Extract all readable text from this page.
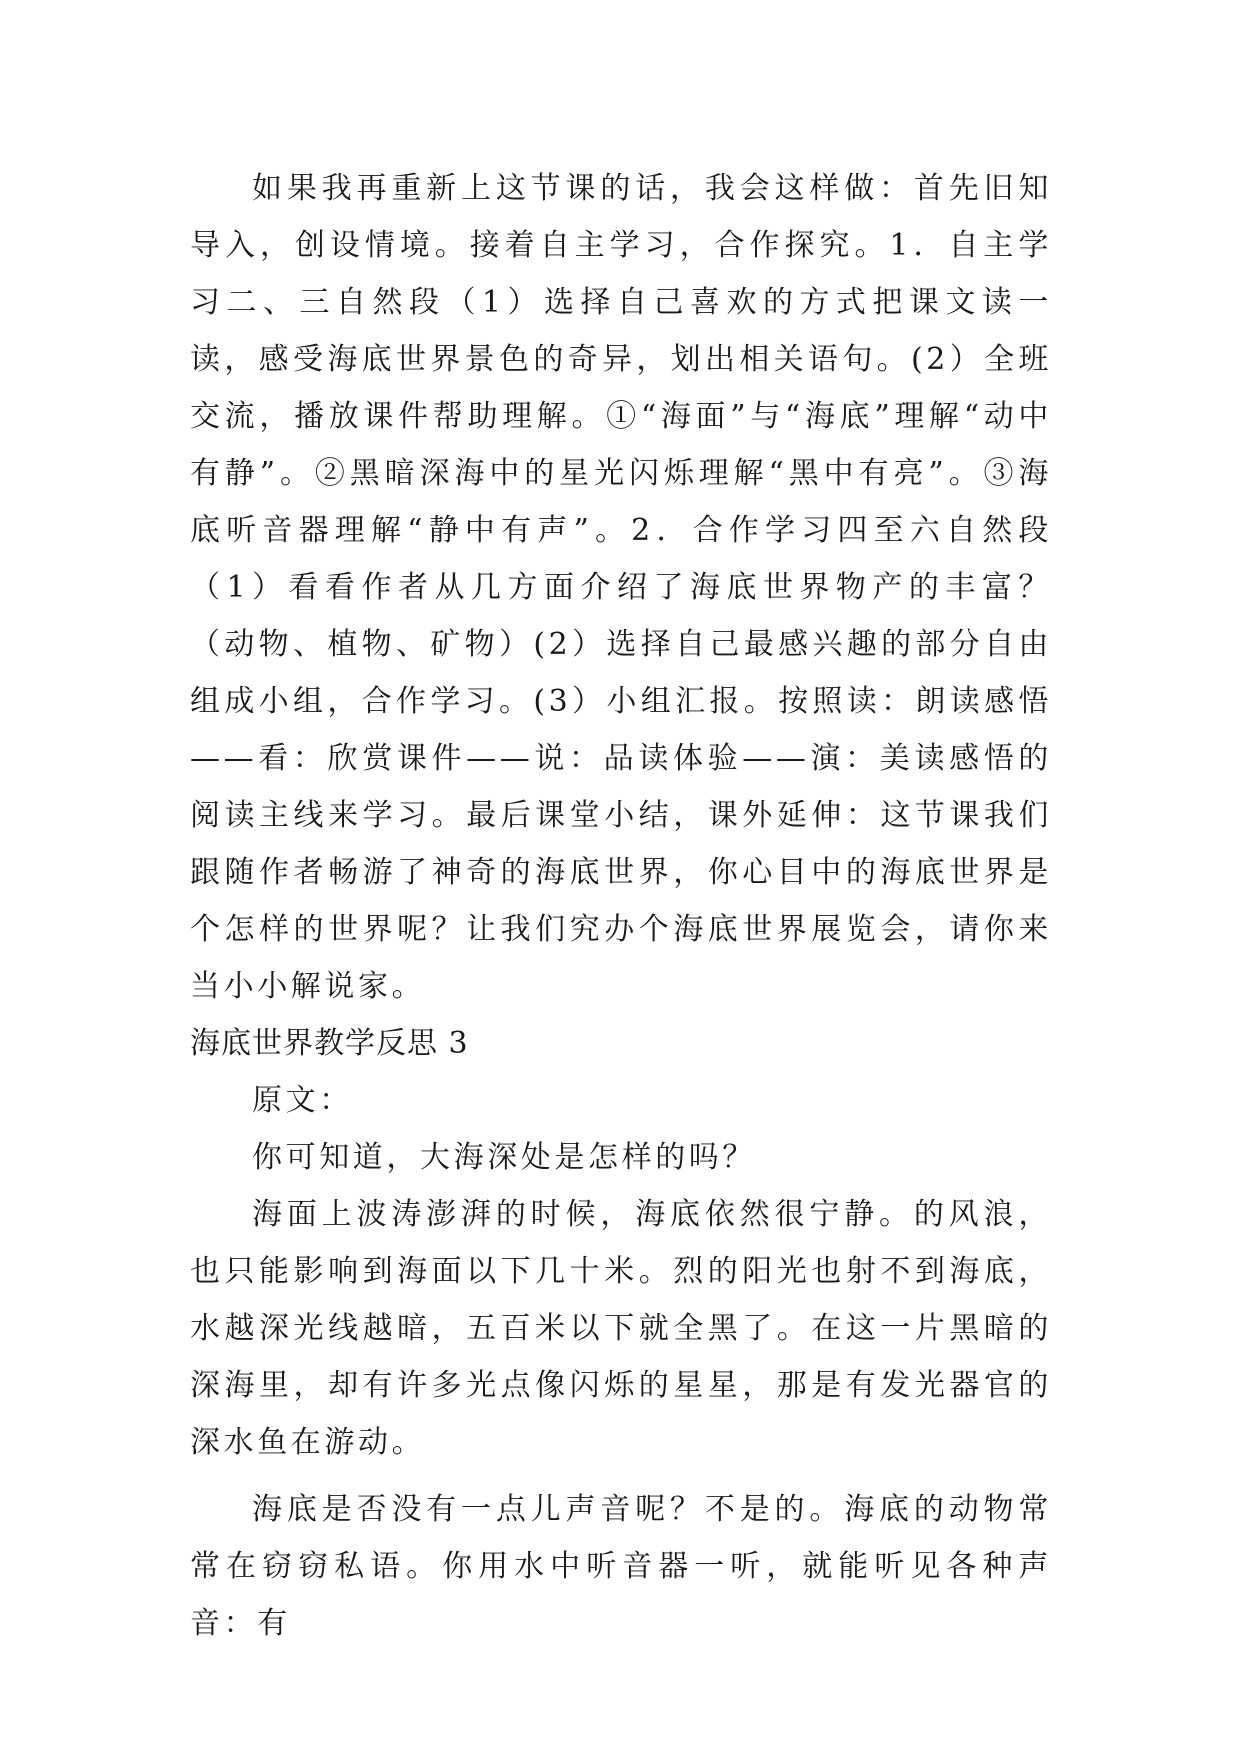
如果我再重新上这节课的话，我会这样做：首先旧知导入，创设情境。接着自主学习，合作探究。1．自主学习二、三自然段（1）选择自己喜欢的方式把课文读一读，感受海底世界景色的奇异，划出相关语句。(2）全班交流，播放课件帮助理解。①“海面”与“海底”理解“动中有静”。②黑暗深海中的星光闪烁理解“黑中有亮”。③海底听音器理解“静中有声”。2．合作学习四至六自然段（1）看看作者从几方面介绍了海底世界物产的丰富？（动物、植物、矿物）(2）选择自己最感兴趣的部分自由组成小组，合作学习。(3）小组汇报。按照读：朗读感悟——看：欣赏课件——说：品读体验——演：美读感悟的阅读主线来学习。最后课堂小结，课外延伸：这节课我们跟随作者畅游了神奇的海底世界，你心目中的海底世界是个怎样的世界呢？让我们究办个海底世界展览会，请你来当小小解说家。

海底世界教学反思 3

原文：

你可知道，大海深处是怎样的吗？

海面上波涛澎湃的时候，海底依然很宁静。的风浪，也只能影响到海面以下几十米。烈的阳光也射不到海底，水越深光线越暗，五百米以下就全黑了。在这一片黑暗的深海里，却有许多光点像闪烁的星星，那是有发光器官的深水鱼在游动。

海底是否没有一点儿声音呢？不是的。海底的动物常常在窃窃私语。你用水中听音器一听，就能听见各种声音：有
